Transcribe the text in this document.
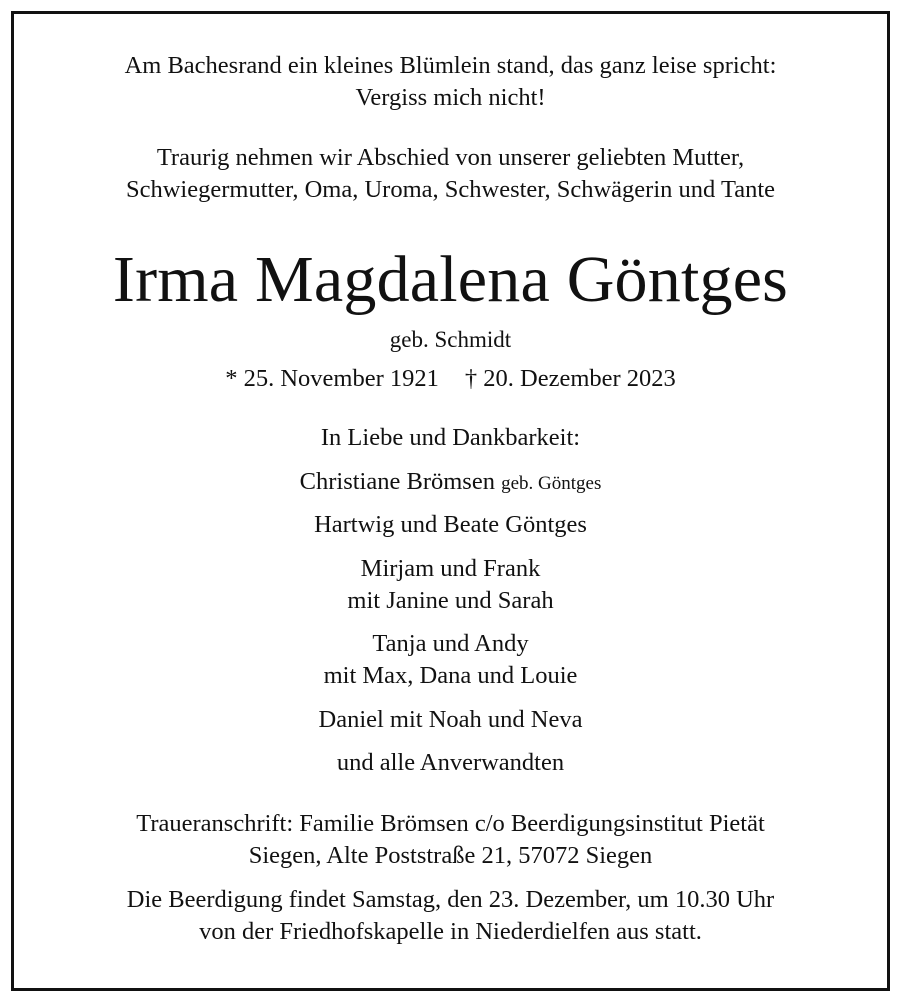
Am Bachesrand ein kleines Blümlein stand, das ganz leise spricht:
Vergiss mich nicht!
Traurig nehmen wir Abschied von unserer geliebten Mutter,
Schwiegermutter, Oma, Uroma, Schwester, Schwägerin und Tante
Irma Magdalena Göntges
geb. Schmidt
* 25. November 1921 † 20. Dezember 2023
In Liebe und Dankbarkeit:
Christiane Brömsen geb. Göntges
Hartwig und Beate Göntges
Mirjam und Frank
mit Janine und Sarah
Tanja und Andy
mit Max, Dana und Louie
Daniel mit Noah und Neva
und alle Anverwandten
Traueranschrift: Familie Brömsen c/o Beerdigungsinstitut Pietät
Siegen, Alte Poststraße 21, 57072 Siegen
Die Beerdigung findet Samstag, den 23. Dezember, um 10.30 Uhr
von der Friedhofskapelle in Niederdielfen aus statt.
